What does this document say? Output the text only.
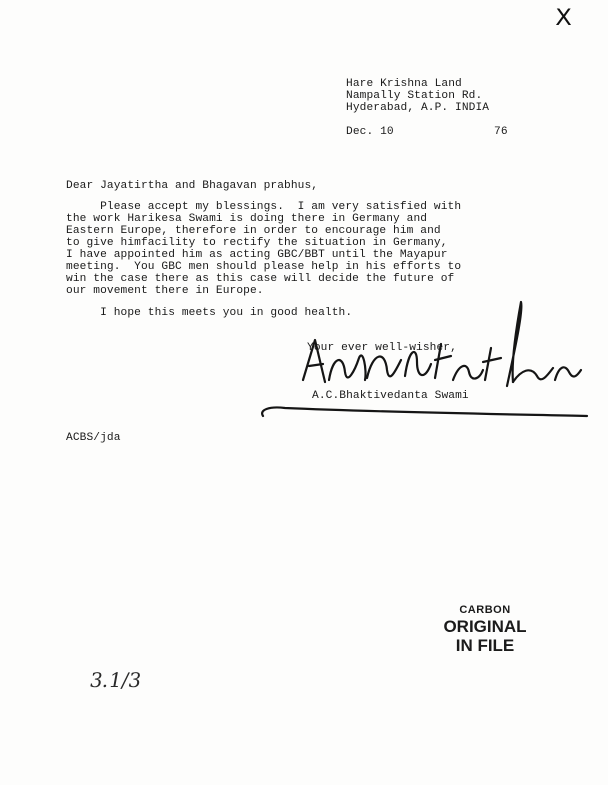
X
Hare Krishna Land
Nampally Station Rd.
Hyderabad, A.P. INDIA
Dec. 10	76
Dear Jayatirtha and Bhagavan prabhus,
Please accept my blessings.  I am very satisfied with
the work Harikesa Swami is doing there in Germany and
Eastern Europe, therefore in order to encourage him and
to give himfacility to rectify the situation in Germany,
I have appointed him as acting GBC/BBT until the Mayapur
meeting.  You GBC men should please help in his efforts to
win the case there as this case will decide the future of
our movement there in Europe.
I hope this meets you in good health.
A.C. Bhaktivedanta Swami
Your ever well-wisher,
A.C.Bhaktivedanta Swami
ACBS/jda
CARBON
ORIGINAL
IN FILE
3.1/3
